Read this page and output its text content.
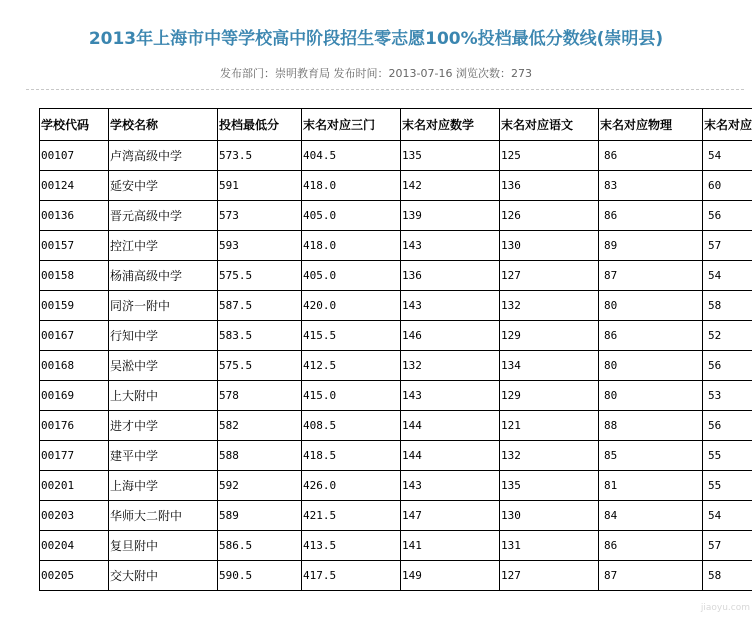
2013年上海市中等学校高中阶段招生零志愿100%投档最低分数线(崇明县)
发布部门：崇明教育局 发布时间：2013-07-16 浏览次数：273
学校代码	学校名称	投档最低分	末名对应三门	末名对应数学	末名对应语文	末名对应物理	末名对应
00107	卢湾高级中学	573.5	404.5	135	125	86	54
00124	延安中学	591	418.0	142	136	83	60
00136	晋元高级中学	573	405.0	139	126	86	56
00157	控江中学	593	418.0	143	130	89	57
00158	杨浦高级中学	575.5	405.0	136	127	87	54
00159	同济一附中	587.5	420.0	143	132	80	58
00167	行知中学	583.5	415.5	146	129	86	52
00168	吴淞中学	575.5	412.5	132	134	80	56
00169	上大附中	578	415.0	143	129	80	53
00176	进才中学	582	408.5	144	121	88	56
00177	建平中学	588	418.5	144	132	85	55
00201	上海中学	592	426.0	143	135	81	55
00203	华师大二附中	589	421.5	147	130	84	54
00204	复旦附中	586.5	413.5	141	131	86	57
00205	交大附中	590.5	417.5	149	127	87	58
jiaoyu.com
